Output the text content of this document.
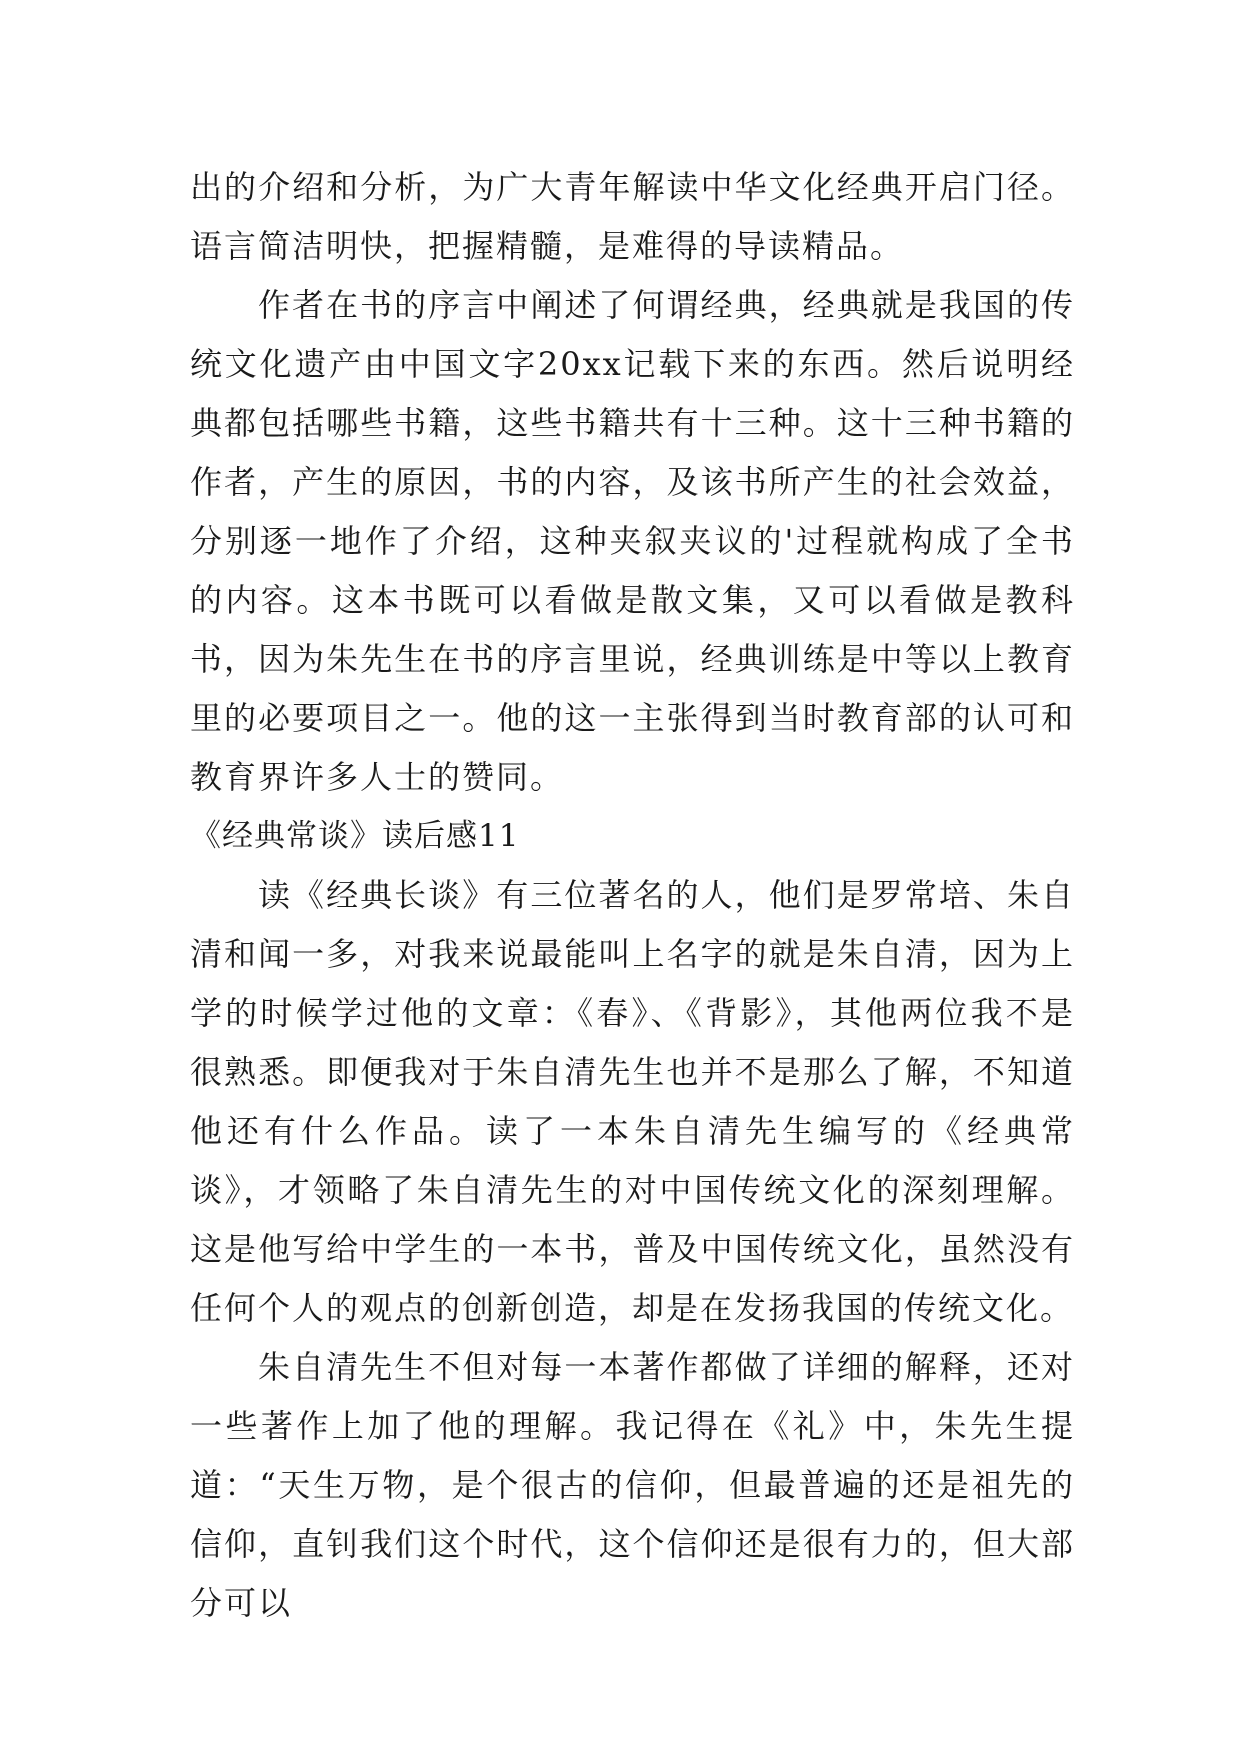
出的介绍和分析，为广大青年解读中华文化经典开启门径。语言简洁明快，把握精髓，是难得的导读精品。

作者在书的序言中阐述了何谓经典，经典就是我国的传统文化遗产由中国文字20xx记载下来的东西。然后说明经典都包括哪些书籍，这些书籍共有十三种。这十三种书籍的作者，产生的原因，书的内容，及该书所产生的社会效益，分别逐一地作了介绍，这种夹叙夹议的'过程就构成了全书的内容。这本书既可以看做是散文集，又可以看做是教科书，因为朱先生在书的序言里说，经典训练是中等以上教育里的必要项目之一。他的这一主张得到当时教育部的认可和教育界许多人士的赞同。

《经典常谈》读后感11

读《经典长谈》有三位著名的人，他们是罗常培、朱自清和闻一多，对我来说最能叫上名字的就是朱自清，因为上学的时候学过他的文章：《春》、《背影》，其他两位我不是很熟悉。即便我对于朱自清先生也并不是那么了解，不知道他还有什么作品。读了一本朱自清先生编写的《经典常谈》，才领略了朱自清先生的对中国传统文化的深刻理解。这是他写给中学生的一本书，普及中国传统文化，虽然没有任何个人的观点的创新创造，却是在发扬我国的传统文化。

朱自清先生不但对每一本著作都做了详细的解释，还对一些著作上加了他的理解。我记得在《礼》中，朱先生提道：“天生万物，是个很古的信仰，但最普遍的还是祖先的信仰，直钊我们这个时代，这个信仰还是很有力的，但大部分可以
